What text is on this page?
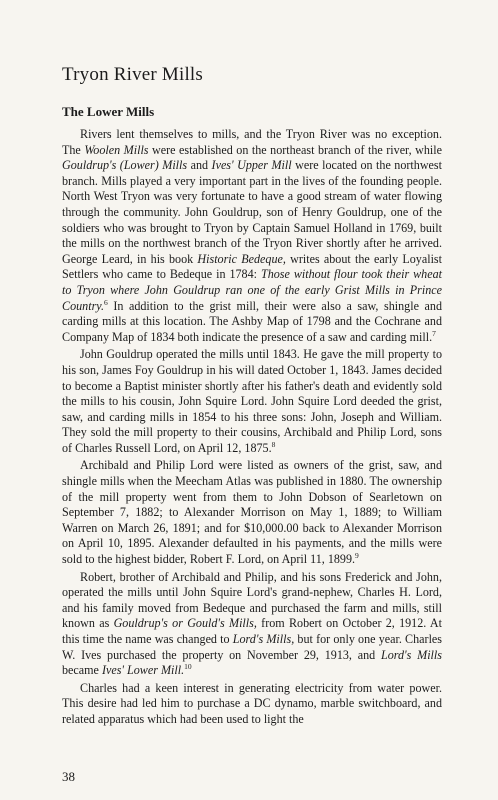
Tryon River Mills
The Lower Mills

Rivers lent themselves to mills, and the Tryon River was no exception. The Woolen Mills were established on the northeast branch of the river, while Gouldrup's (Lower) Mills and Ives' Upper Mill were located on the northwest branch. Mills played a very important part in the lives of the founding people. North West Tryon was very fortunate to have a good stream of water flowing through the community. John Gouldrup, son of Henry Gouldrup, one of the soldiers who was brought to Tryon by Captain Samuel Holland in 1769, built the mills on the northwest branch of the Tryon River shortly after he arrived. George Leard, in his book Historic Bedeque, writes about the early Loyalist Settlers who came to Bedeque in 1784: Those without flour took their wheat to Tryon where John Gouldrup ran one of the early Grist Mills in Prince Country.$^6$ In addition to the grist mill, their were also a saw, shingle and carding mills at this location. The Ashby Map of 1798 and the Cochrane and Company Map of 1834 both indicate the presence of a saw and carding mill.$^7$

John Gouldrup operated the mills until 1843. He gave the mill property to his son, James Foy Gouldrup in his will dated October 1, 1843. James decided to become a Baptist minister shortly after his father's death and evidently sold the mills to his cousin, John Squire Lord. John Squire Lord deeded the grist, saw, and carding mills in 1854 to his three sons: John, Joseph and William. They sold the mill property to their cousins, Archibald and Philip Lord, sons of Charles Russell Lord, on April 12, 1875.$^8$

Archibald and Philip Lord were listed as owners of the grist, saw, and shingle mills when the Meecham Atlas was published in 1880. The ownership of the mill property went from them to John Dobson of Searletown on September 7, 1882; to Alexander Morrison on May 1, 1889; to William Warren on March 26, 1891; and for $10,000.00 back to Alexander Morrison on April 10, 1895. Alexander defaulted in his payments, and the mills were sold to the highest bidder, Robert F. Lord, on April 11, 1899.$^9$

Robert, brother of Archibald and Philip, and his sons Frederick and John, operated the mills until John Squire Lord's grand-nephew, Charles H. Lord, and his family moved from Bedeque and purchased the farm and mills, still known as Gouldrup's or Gould's Mills, from Robert on October 2, 1912. At this time the name was changed to Lord's Mills, but for only one year. Charles W. Ives purchased the property on November 29, 1913, and Lord's Mills became Ives' Lower Mill.$^{10}$

Charles had a keen interest in generating electricity from water power. This desire had led him to purchase a DC dynamo, marble switchboard, and related apparatus which had been used to light the

38
